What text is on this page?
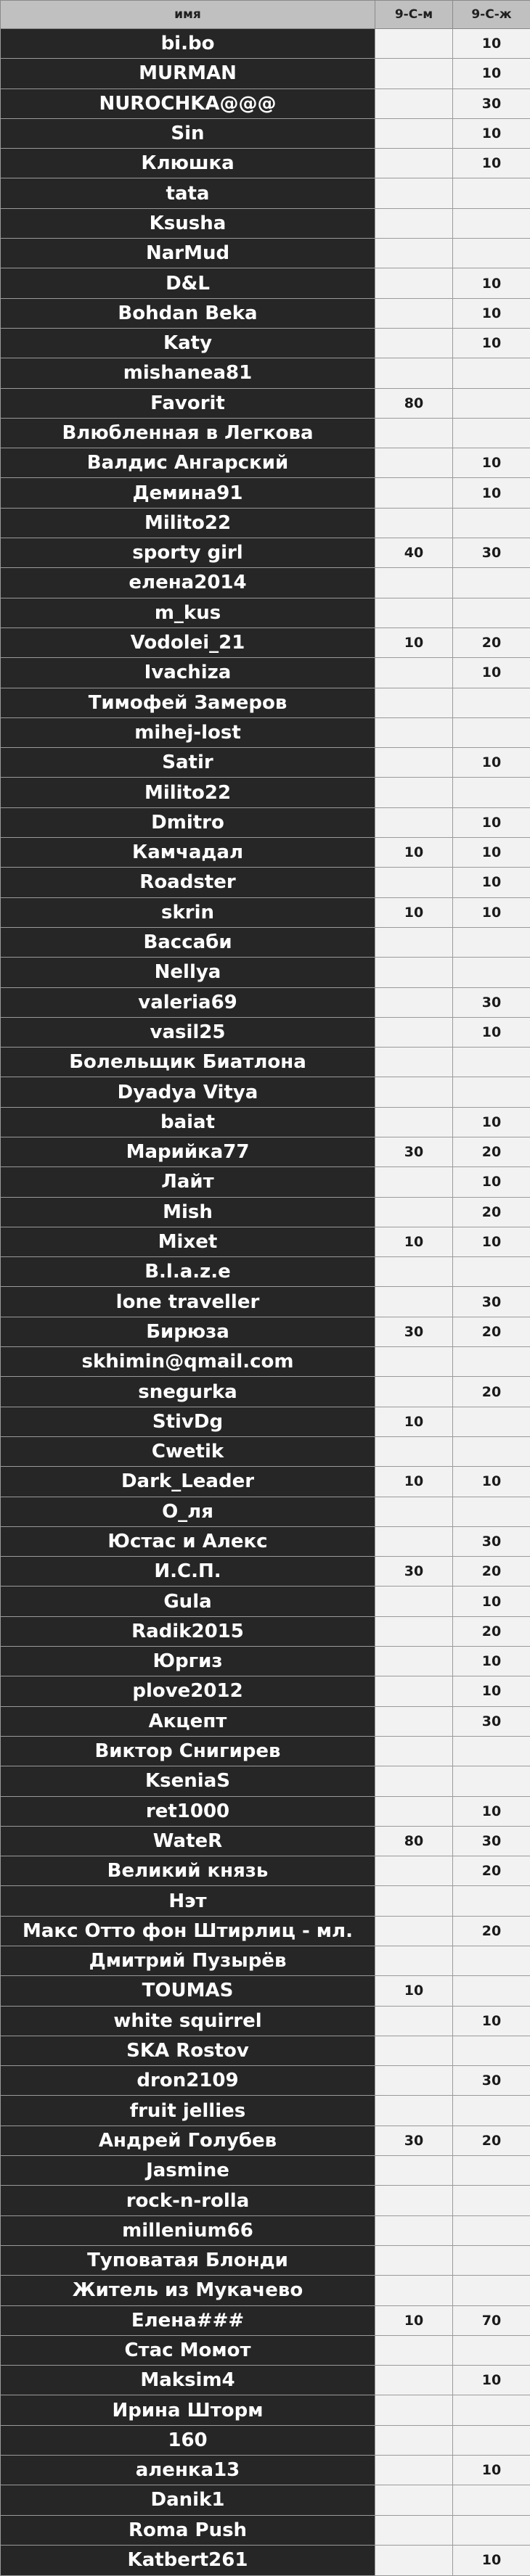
имя	9-С-м	9-С-ж
bi.bo		10
MURMAN		10
NUROCHKA@@@		30
Sin		10
Клюшка		10
tata		
Ksusha		
NarMud		
D&L		10
Bohdan Beka		10
Katy		10
mishanea81		
Favorit	80	
Влюбленная в Легкова		
Валдис Ангарский		10
Демина91		10
Milito22		
sporty girl	40	30
елена2014		
m_kus		
Vodolei_21	10	20
Ivachiza		10
Тимофей Замеров		
mihej-lost		
Satir		10
Milito22		
Dmitro		10
Камчадал	10	10
Roadster		10
skrin	10	10
Вассаби		
Nellya		
valeria69		30
vasil25		10
Болельщик Биатлона		
Dyadya Vitya		
baiat		10
Марийка77	30	20
Лайт		10
Mish		20
Mixet	10	10
B.l.a.z.e		
lone traveller		30
Бирюза	30	20
skhimin@qmail.com		
snegurka		20
StivDg	10	
Cwetik		
Dark_Leader	10	10
О_ля		
Юстас и Алекс		30
И.С.П.	30	20
Gula		10
Radik2015		20
Юргиз		10
plove2012		10
Акцепт		30
Виктор Снигирев		
KseniaS		
ret1000		10
WateR	80	30
Великий князь		20
Нэт		
Макс Отто фон Штирлиц - мл.		20
Дмитрий Пузырёв		
TOUMAS	10	
white squirrel		10
SKA Rostov		
dron2109		30
fruit jellies		
Андрей Голубев	30	20
Jasmine		
rock-n-rolla		
millenium66		
Туповатая Блонди		
Житель из Мукачево		
Елена###	10	70
Стас Момот		
Maksim4		10
Ирина Шторм		
160		
аленка13		10
Danik1		
Roma Push		
Katbert261		10
